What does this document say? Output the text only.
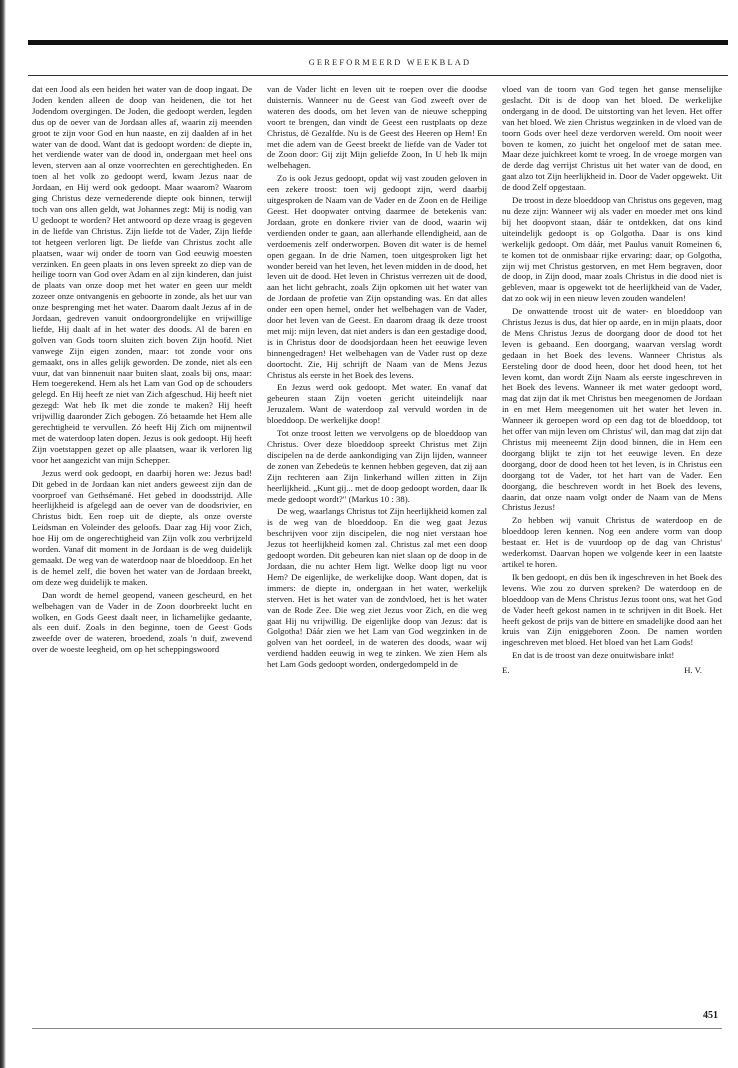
GEREFORMEERD WEEKBLAD

dat een Jood als een heiden het water van de doop ingaat. De Joden kenden alleen de doop van heidenen, die tot het Jodendom overgingen. De Joden, die gedoopt werden, legden dus op de oever van de Jordaan alles af, waarin zij meenden groot te zijn voor God en hun naaste, en zij daalden af in het water van de dood. Want dat is gedoopt worden: de diepte in, het verdiende water van de dood in, ondergaan met heel ons leven, sterven aan al onze voorrechten en gerechtigheden. En toen al het volk zo gedoopt werd, kwam Jezus naar de Jordaan, en Hij werd ook gedoopt. Maar waarom? Waarom ging Christus deze vernederende diepte ook binnen, terwijl toch van ons allen geldt, wat Johannes zegt: Mij is nodig van U gedoopt te worden? Het antwoord op deze vraag is gegeven in de liefde van Christus. Zijn liefde tot de Vader, Zijn liefde tot hetgeen verloren ligt. De liefde van Christus zocht alle plaatsen, waar wij onder de toorn van God eeuwig moesten verzinken. En geen plaats in ons leven spreekt zo diep van de heilige toorn van God over Adam en al zijn kinderen, dan juist de plaats van onze doop met het water en geen uur meldt zozeer onze ontvangenis en geboorte in zonde, als het uur van onze besprenging met het water. Daarom daalt Jezus af in de Jordaan, gedreven vanuit ondoorgrondelijke en vrijwillige liefde, Hij daalt af in het water des doods. Al de baren en golven van Gods toorn sluiten zich boven Zijn hoofd. Niet vanwege Zijn eigen zonden, maar: tot zonde voor ons gemaakt, ons in alles gelijk geworden. De zonde, niet als een vuur, dat van binnenuit naar buiten slaat, zoals bij ons, maar: Hem toegerekend. Hem als het Lam van God op de schouders gelegd. En Hij heeft ze niet van Zich afgeschud. Hij heeft niet gezegd: Wat heb Ik met die zonde te maken? Hij heeft vrijwillig daaronder Zich gebogen. Zó betaamde het Hem alle gerechtigheid te vervullen. Zó heeft Hij Zich om mijnentwil met de waterdoop laten dopen. Jezus is ook gedoopt. Hij heeft Zijn voetstappen gezet op alle plaatsen, waar ik verloren lig voor het aangezicht van mijn Schepper.

Jezus werd ook gedoopt, en daarbij horen we: Jezus bad! Dit gebed in de Jordaan kan niet anders geweest zijn dan de voorproef van Gethsémané. Het gebed in doodsstrijd. Alle heerlijkheid is afgelegd aan de oever van de doodsrivier, en Christus bidt. Een roep uit de diepte, als onze overste Leidsman en Voleinder des geloofs. Daar zag Hij voor Zich, hoe Hij om de ongerechtigheid van Zijn volk zou verbrijzeld worden. Vanaf dit moment in de Jordaan is de weg duidelijk gemaakt. De weg van de waterdoop naar de bloeddoop. En het is de hemel zelf, die boven het water van de Jordaan breekt, om deze weg duidelijk te maken.

Dan wordt de hemel geopend, vaneen gescheurd, en het welbehagen van de Vader in de Zoon doorbreekt lucht en wolken, en Gods Geest daalt neer, in lichamelijke gedaante, als een duif. Zoals in den beginne, toen de Geest Gods zweefde over de wateren, broedend, zoals 'n duif, zwevend over de woeste leegheid, om op het scheppingswoord

van de Vader licht en leven uit te roepen over die doodse duisternis. Wanneer nu de Geest van God zweeft over de wateren des doods, om het leven van de nieuwe schepping voort te brengen, dan vindt de Geest een rustplaats op deze Christus, dè Gezalfde. Nu is de Geest des Heeren op Hem! En met die adem van de Geest breekt de liefde van de Vader tot de Zoon door: Gij zijt Mijn geliefde Zoon, In U heb Ik mijn welbehagen.

Zo is ook Jezus gedoopt, opdat wij vast zouden geloven in een zekere troost: toen wij gedoopt zijn, werd daarbij uitgesproken de Naam van de Vader en de Zoon en de Heilige Geest. Het doopwater ontving daarmee de betekenis van: Jordaan, grote en donkere rivier van de dood, waarin wij verdienden onder te gaan, aan allerhande ellendigheid, aan de verdoemenis zelf onderworpen. Boven dit water is de hemel open gegaan. In de drie Namen, toen uitgesproken ligt het wonder bereid van het leven, het leven midden in de dood, het leven uit de dood. Het leven in Christus verrezen uit de dood, aan het licht gebracht, zoals Zijn opkomen uit het water van de Jordaan de profetie van Zijn opstanding was. En dat alles onder een open hemel, onder het welbehagen van de Vader, door het leven van de Geest. En daarom draag ik deze troost met mij: mijn leven, dat niet anders is dan een gestadige dood, is in Christus door de doodsjordaan heen het eeuwige leven binnengedragen! Het welbehagen van de Vader rust op deze doortocht. Zie, Hij schrijft de Naam van de Mens Jezus Christus als eerste in het Boek des levens.

En Jezus werd ook gedoopt. Met water. En vanaf dat gebeuren staan Zijn voeten gericht uiteindelijk naar Jeruzalem. Want de waterdoop zal vervuld worden in de bloeddoop. De werkelijke doop!

Tot onze troost letten we vervolgens op de bloeddoop van Christus. Over deze bloeddoop spreekt Christus met Zijn discipelen na de derde aankondiging van Zijn lijden, wanneer de zonen van Zebedeüs te kennen hebben gegeven, dat zij aan Zijn rechteren aan Zijn linkerhand willen zitten in Zijn heerlijkheid. „Kunt gij... met de doop gedoopt worden, daar Ik mede gedoopt wordt?" (Markus 10 : 38).

De weg, waarlangs Christus tot Zijn heerlijkheid komen zal is de weg van de bloeddoop. En die weg gaat Jezus beschrijven voor zijn discipelen, die nog niet verstaan hoe Jezus tot heerlijkheid komen zal. Christus zal met een doop gedoopt worden. Dit gebeuren kan niet slaan op de doop in de Jordaan, die nu achter Hem ligt. Welke doop ligt nu voor Hem? De eigenlijke, de werkelijke doop. Want dopen, dat is immers: de diepte in, ondergaan in het water, werkelijk sterven. Het is het water van de zondvloed, het is het water van de Rode Zee. Die weg ziet Jezus voor Zich, en die weg gaat Hij nu vrijwillig. De eigenlijke doop van Jezus: dat is Golgotha! Dáár zien we het Lam van God wegzinken in de golven van het oordeel, in de wateren des doods, waar wij verdiend hadden eeuwig in weg te zinken. We zien Hem als het Lam Gods gedoopt worden, ondergedompeld in de

vloed van de toorn van God tegen het ganse menselijke geslacht. Dit is de doop van het bloed. De werkelijke ondergang in de dood. De uitstorting van het leven. Het offer van het bloed. We zien Christus wegzinken in de vloed van de toorn Gods over heel deze verdorven wereld. Om nooit weer boven te komen, zo juicht het ongeloof met de satan mee. Maar deze juichkreet komt te vroeg. In de vroege morgen van de derde dag verrijst Christus uit het water van de dood, en gaat alzo tot Zijn heerlijkheid in. Door de Vader opgewekt. Uit de dood Zelf opgestaan.

De troost in deze bloeddoop van Christus ons gegeven, mag nu deze zijn: Wanneer wij als vader en moeder met ons kind bij het doopvont staan, dáár te ontdekken, dat ons kind uiteindelijk gedoopt is op Golgotha. Daar is ons kind werkelijk gedoopt. Om dáár, met Paulus vanuit Romeinen 6, te komen tot de onmisbaar rijke ervaring: daar, op Golgotha, zijn wij met Christus gestorven, en met Hem begraven, door de doop, in Zijn dood, maar zoals Christus in die dood niet is gebleven, maar is opgewekt tot de heerlijkheid van de Vader, dat zo ook wij in een nieuw leven zouden wandelen!

De onwattende troost uit de water- en bloeddoop van Christus Jezus is dus, dat hier op aarde, en in mijn plaats, door de Mens Christus Jezus de doorgang door de dood tot het leven is gebaand. Een doorgang, waarvan verslag wordt gedaan in het Boek des levens. Wanneer Christus als Eersteling door de dood heen, door het dood heen, tot het leven komt, dan wordt Zijn Naam als eerste ingeschreven in het Boek des levens. Wanneer ik met water gedoopt word, mag dat zijn dat ik met Christus ben meegenomen de Jordaan in en met Hem meegenomen uit het water het leven in. Wanneer ik geroepen word op een dag tot de bloeddoop, tot het offer van mijn leven om Christus' wil, dan mag dat zijn dat Christus mij meeneemt Zijn dood binnen, die in Hem een doorgang blijkt te zijn tot het eeuwige leven. En deze doorgang, door de dood heen tot het leven, is in Christus een doorgang tot de Vader, tot het hart van de Vader. Een doorgang, die beschreven wordt in het Boek des levens, daarin, dat onze naam volgt onder de Naam van de Mens Christus Jezus!

Zo hebben wij vanuit Christus de waterdoop en de bloeddoop leren kennen. Nog een andere vorm van doop bestaat er. Het is de vuurdoop op de dag van Christus' wederkomst. Daarvan hopen we volgende keer in een laatste artikel te horen.

Ik ben gedoopt, en dús ben ik ingeschreven in het Boek des levens. Wie zou zo durven spreken? De waterdoop en de bloeddoop van de Mens Christus Jezus toont ons, wat het God de Vader heeft gekost namen in te schrijven in dit Boek. Het heeft gekost de prijs van de bittere en smadelijke dood aan het kruis van Zijn eniggeboren Zoon. De namen worden ingeschreven met bloed. Het bloed van het Lam Gods!

En dat is de troost van deze onuitwisbare inkt!

E.	H. V.
451
